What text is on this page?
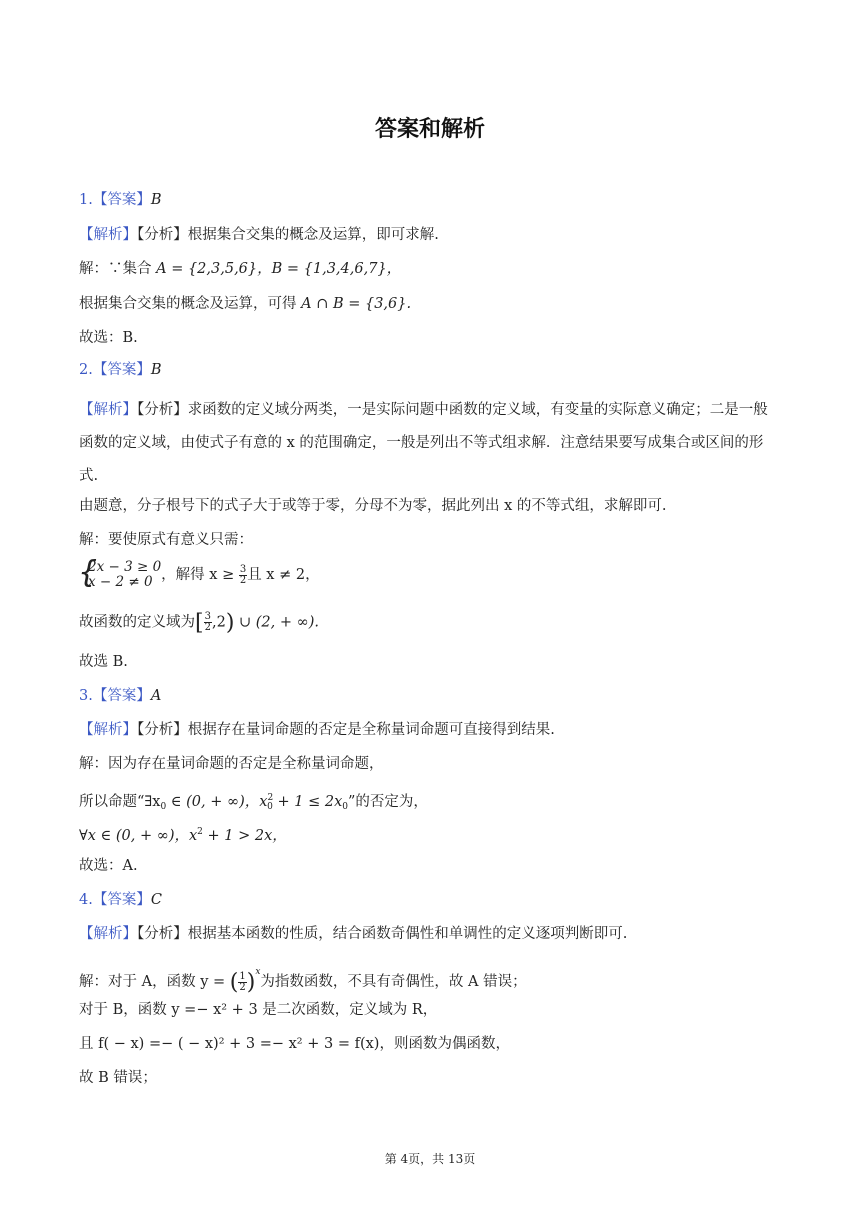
答案和解析
1.【答案】B
【解析】【分析】根据集合交集的概念及运算，即可求解.
解：∵集合 A = {2,3,5,6}，B = {1,3,4,6,7}，
根据集合交集的概念及运算，可得 A ∩ B = {3,6}.
故选：B.
2.【答案】B
【解析】【分析】求函数的定义域分两类，一是实际问题中函数的定义域，有变量的实际意义确定；二是一般函数的定义域，由使式子有意的 x 的范围确定，一般是列出不等式组求解．注意结果要写成集合或区间的形式.
由题意，分子根号下的式子大于或等于零，分母不为零，据此列出 x 的不等式组，求解即可.
解：要使原式有意义只需：
{
2x − 3 ≥ 0
x − 2 ≠ 0 ，解得 $x \ge \frac{3}{2}$ 且 x ≠ 2，
故函数的定义域为[ $\frac{3}{2} ,2$) ∪ (2, + ∞).
故选 B.
3.【答案】A
【解析】【分析】根据存在量词命题的否定是全称量词命题可直接得到结果.
解：因为存在量词命题的否定是全称量词命题，
所以命题“$\exists x_0$ ∈ (0, + ∞)，$x^2_0 + 1 \le 2x_0$”的否定为，
∀x ∈ (0, + ∞)，$x^2 + 1 > 2x$，
故选：A.
4.【答案】C
【解析】【分析】根据基本函数的性质，结合函数奇偶性和单调性的定义逐项判断即可.
解：对于 A，函数 y = ( $\frac{1}{2} )^x$为指数函数，不具有奇偶性，故 A 错误；
对于 B，函数 y =− x² + 3 是二次函数，定义域为 R，
且 f( − x) =− ( − x)² + 3 =− x² + 3 = f(x)，则函数为偶函数，
故 B 错误；
第 4页，共 13页
